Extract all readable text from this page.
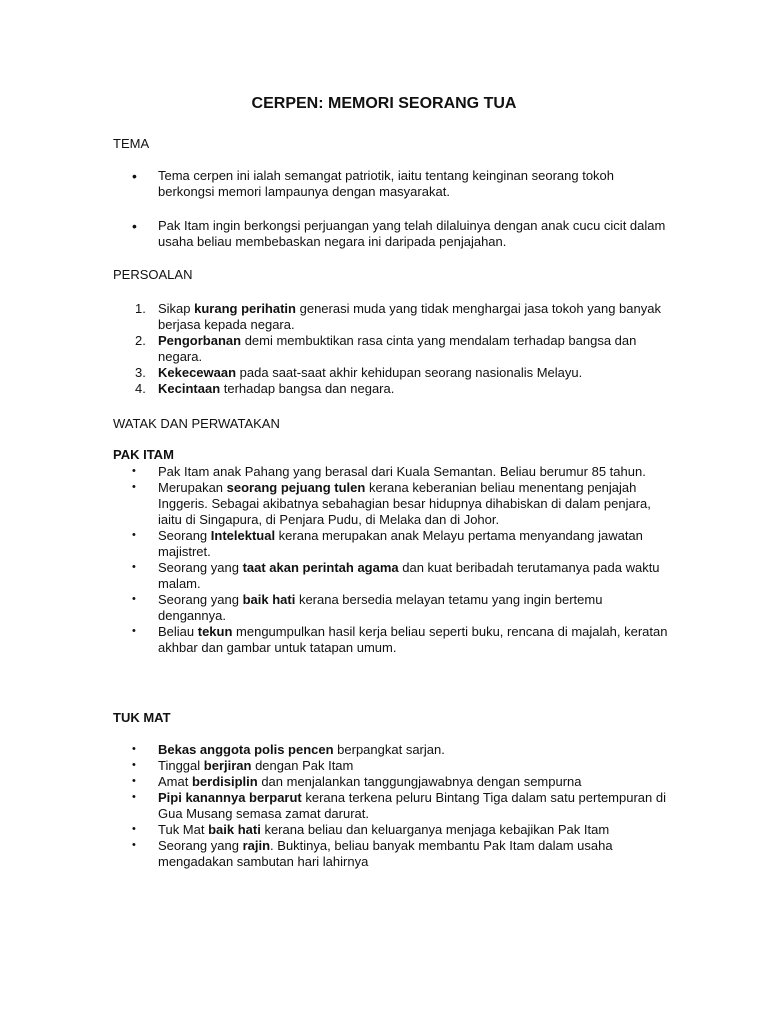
CERPEN: MEMORI SEORANG TUA

TEMA

• Tema cerpen ini ialah semangat patriotik, iaitu tentang keinginan seorang tokoh berkongsi memori lampaunya dengan masyarakat.
• Pak Itam ingin berkongsi perjuangan yang telah dilaluinya dengan anak cucu cicit dalam usaha beliau membebaskan negara ini daripada penjajahan.

PERSOALAN

1. Sikap kurang perihatin generasi muda yang tidak menghargai jasa tokoh yang banyak berjasa kepada negara.
2. Pengorbanan demi membuktikan rasa cinta yang mendalam terhadap bangsa dan negara.
3. Kekecewaan pada saat-saat akhir kehidupan seorang nasionalis Melayu.
4. Kecintaan terhadap bangsa dan negara.

WATAK DAN PERWATAKAN

PAK ITAM

• Pak Itam anak Pahang yang berasal dari Kuala Semantan. Beliau berumur 85 tahun.
• Merupakan seorang pejuang tulen kerana keberanian beliau menentang penjajah Inggeris. Sebagai akibatnya sebahagian besar hidupnya dihabiskan di dalam penjara, iaitu di Singapura, di Penjara Pudu, di Melaka dan di Johor.
• Seorang Intelektual kerana merupakan anak Melayu pertama menyandang jawatan majistret.
• Seorang yang taat akan perintah agama dan kuat beribadah terutamanya pada waktu malam.
• Seorang yang baik hati kerana bersedia melayan tetamu yang ingin bertemu dengannya.
• Beliau tekun mengumpulkan hasil kerja beliau seperti buku, rencana di majalah, keratan akhbar dan gambar untuk tatapan umum.

TUK MAT

• Bekas anggota polis pencen berpangkat sarjan.
• Tinggal berjiran dengan Pak Itam
• Amat berdisiplin dan menjalankan tanggungjawabnya dengan sempurna
• Pipi kanannya berparut kerana terkena peluru Bintang Tiga dalam satu pertempuran di Gua Musang semasa zamat darurat.
• Tuk Mat baik hati kerana beliau dan keluarganya menjaga kebajikan Pak Itam
• Seorang yang rajin. Buktinya, beliau banyak membantu Pak Itam dalam usaha mengadakan sambutan hari lahirnya
